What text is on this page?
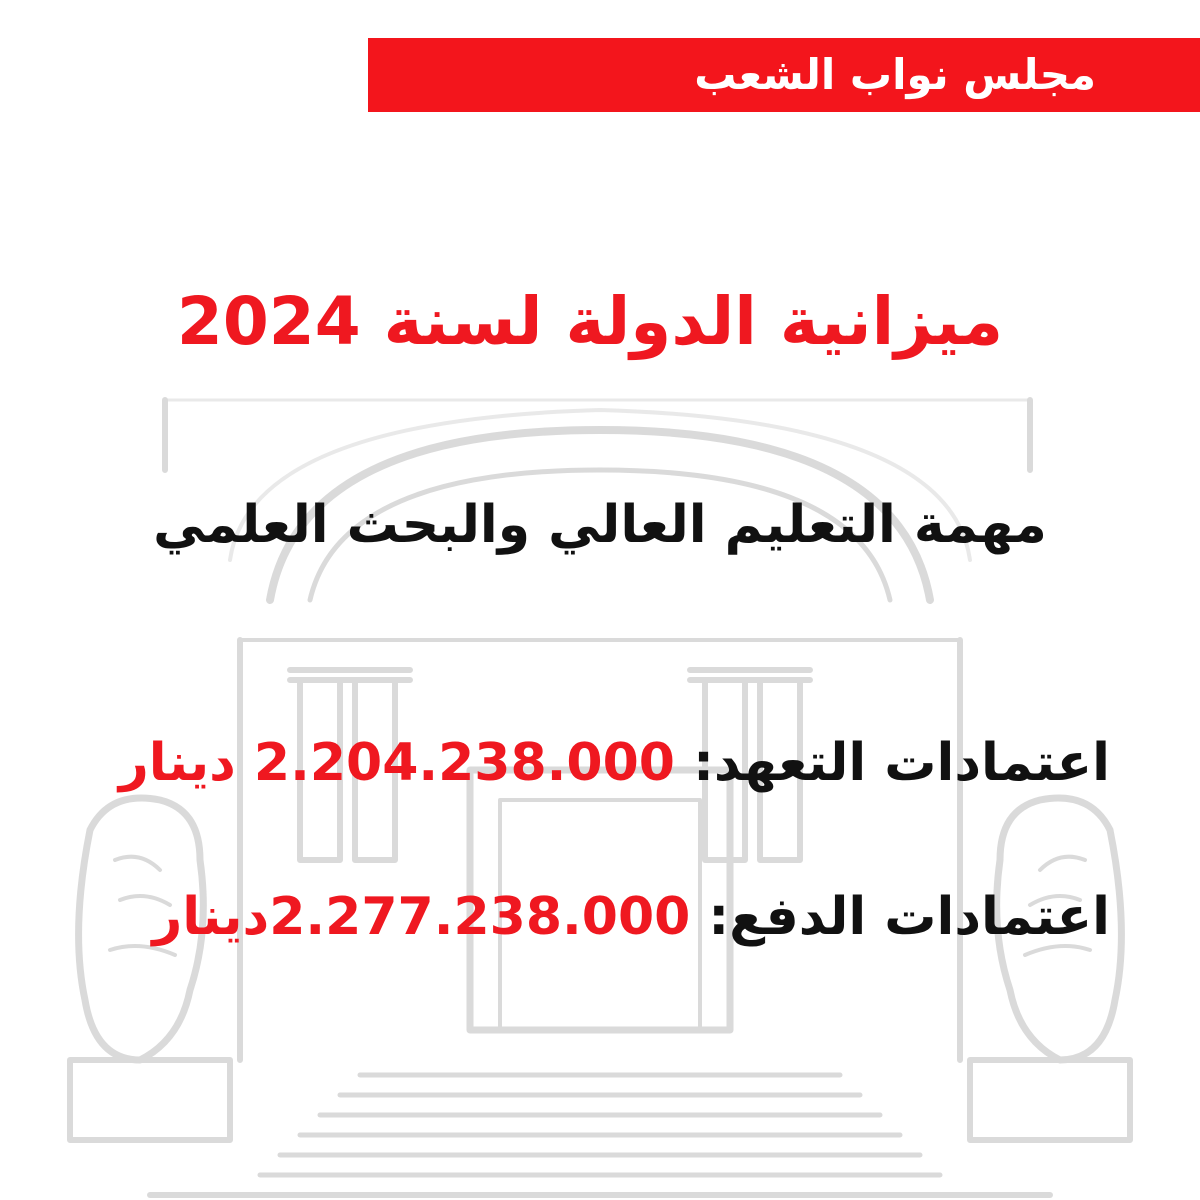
مجلس نواب الشعب
ميزانية الدولة لسنة 2024
مهمة التعليم العالي والبحث العلمي
اعتمادات التعهد: 2.204.238.000 دينار
اعتمادات الدفع: 2.277.238.000دينار
